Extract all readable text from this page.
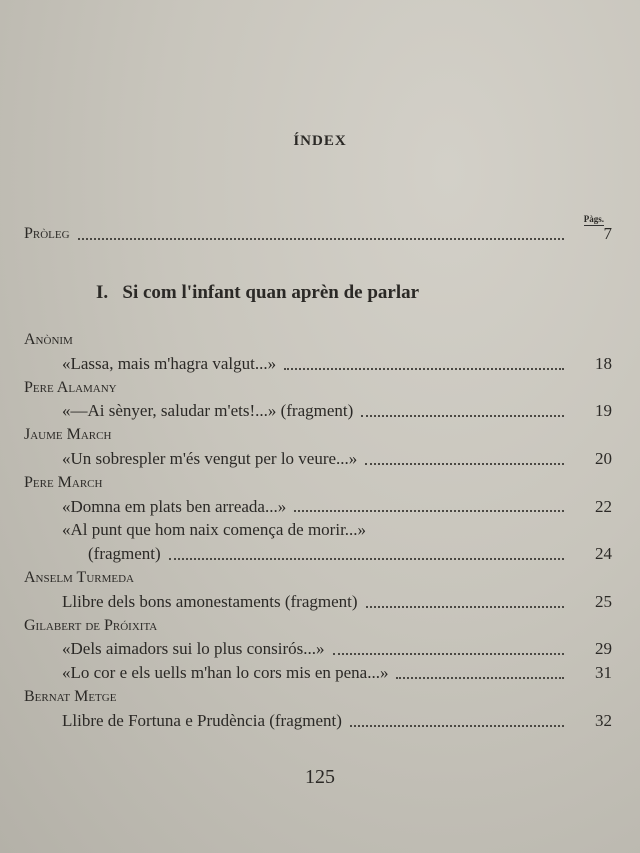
ÍNDEX
Pàgs.
Pròleg	7
I. Si com l'infant quan aprèn de parlar
Anònim
«Lassa, mais m'hagra valgut...»	18
Pere Alamany
«—Ai sènyer, saludar m'ets!...» (fragment)	19
Jaume March
«Un sobrespler m'és vengut per lo veure...»	20
Pere March
«Domna em plats ben arreada...»	22
«Al punt que hom naix comença de morir...»
(fragment)	24
Anselm Turmeda
Llibre dels bons amonestaments (fragment)	25
Gilabert de Próixita
«Dels aimadors sui lo plus consirós...»	29
«Lo cor e els uells m'han lo cors mis en pena...»	31
Bernat Metge
Llibre de Fortuna e Prudència (fragment)	32
125
